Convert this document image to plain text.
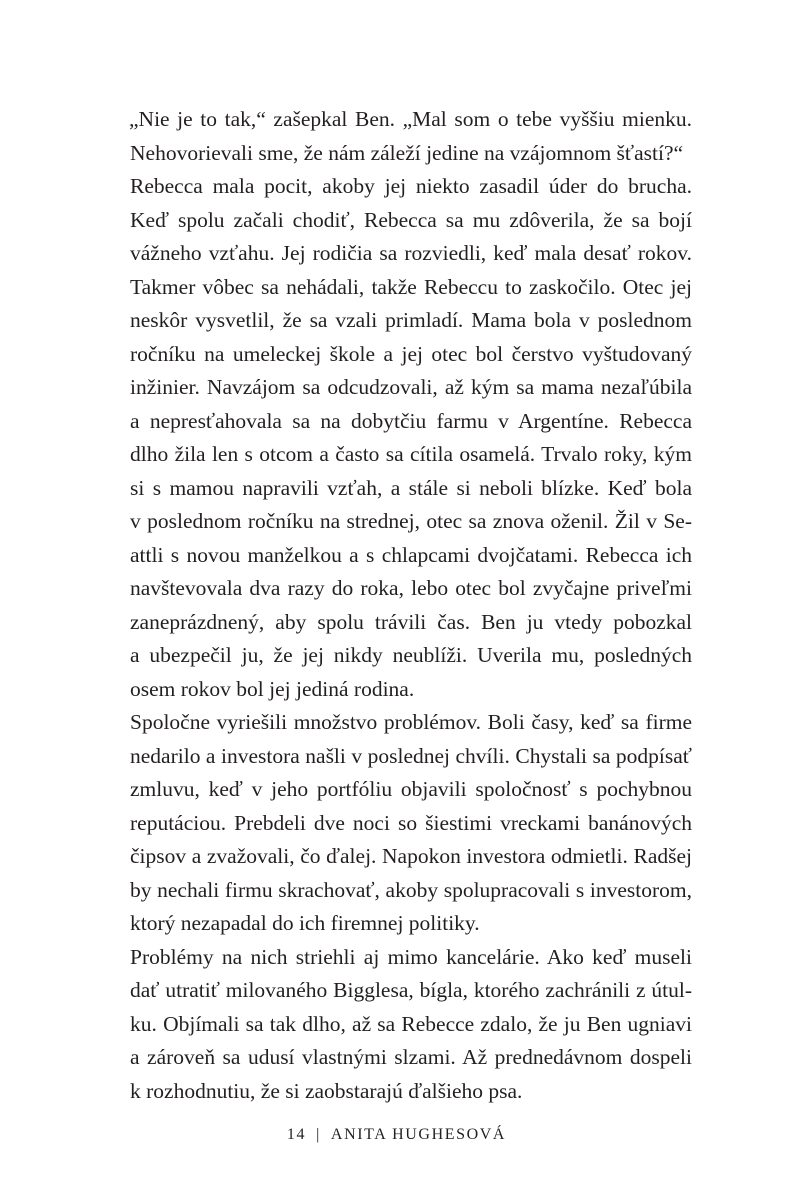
„Nie je to tak,“ zašepkal Ben. „Mal som o tebe vyššiu mienku.
Nehovorievali sme, že nám záleží jedine na vzájomnom šťastí?“
Rebecca mala pocit, akoby jej niekto zasadil úder do brucha.
Keď spolu začali chodiť, Rebecca sa mu zdôverila, že sa bojí
vážneho vzťahu. Jej rodičia sa rozviedli, keď mala desať rokov.
Takmer vôbec sa nehádali, takže Rebeccu to zaskočilo. Otec jej
neskôr vysvetlil, že sa vzali primladí. Mama bola v poslednom
ročníku na umeleckej škole a jej otec bol čerstvo vyštudovaný
inžinier. Navzájom sa odcudzovali, až kým sa mama nezaľúbila
a nepresťahovala sa na dobytčiu farmu v Argentíne. Rebecca
dlho žila len s otcom a často sa cítila osamelá. Trvalo roky, kým
si s mamou napravili vzťah, a stále si neboli blízke. Keď bola
v poslednom ročníku na strednej, otec sa znova oženil. Žil v Se-
attli s novou manželkou a s chlapcami dvojčatami. Rebecca ich
navštevovala dva razy do roka, lebo otec bol zvyčajne priveľmi
zaneprázdnený, aby spolu trávili čas. Ben ju vtedy pobozkal
a ubezpečil ju, že jej nikdy neublíži. Uverila mu, posledných
osem rokov bol jej jediná rodina.
Spoločne vyriešili množstvo problémov. Boli časy, keď sa firme
nedarilo a investora našli v poslednej chvíli. Chystali sa podpísať
zmluvu, keď v jeho portfóliu objavili spoločnosť s pochybnou
reputáciou. Prebdeli dve noci so šiestimi vreckami banánových
čipsov a zvažovali, čo ďalej. Napokon investora odmietli. Radšej
by nechali firmu skrachovať, akoby spolupracovali s investorom,
ktorý nezapadal do ich firemnej politiky.
Problémy na nich striehli aj mimo kancelárie. Ako keď museli
dať utratiť milovaného Bigglesa, bígla, ktorého zachránili z útul-
ku. Objímali sa tak dlho, až sa Rebecce zdalo, že ju Ben ugniavi
a zároveň sa udusí vlastnými slzami. Až prednedávnom dospeli
k rozhodnutiu, že si zaobstarajú ďalšieho psa.
14 | ANITA HUGHESOVÁ
